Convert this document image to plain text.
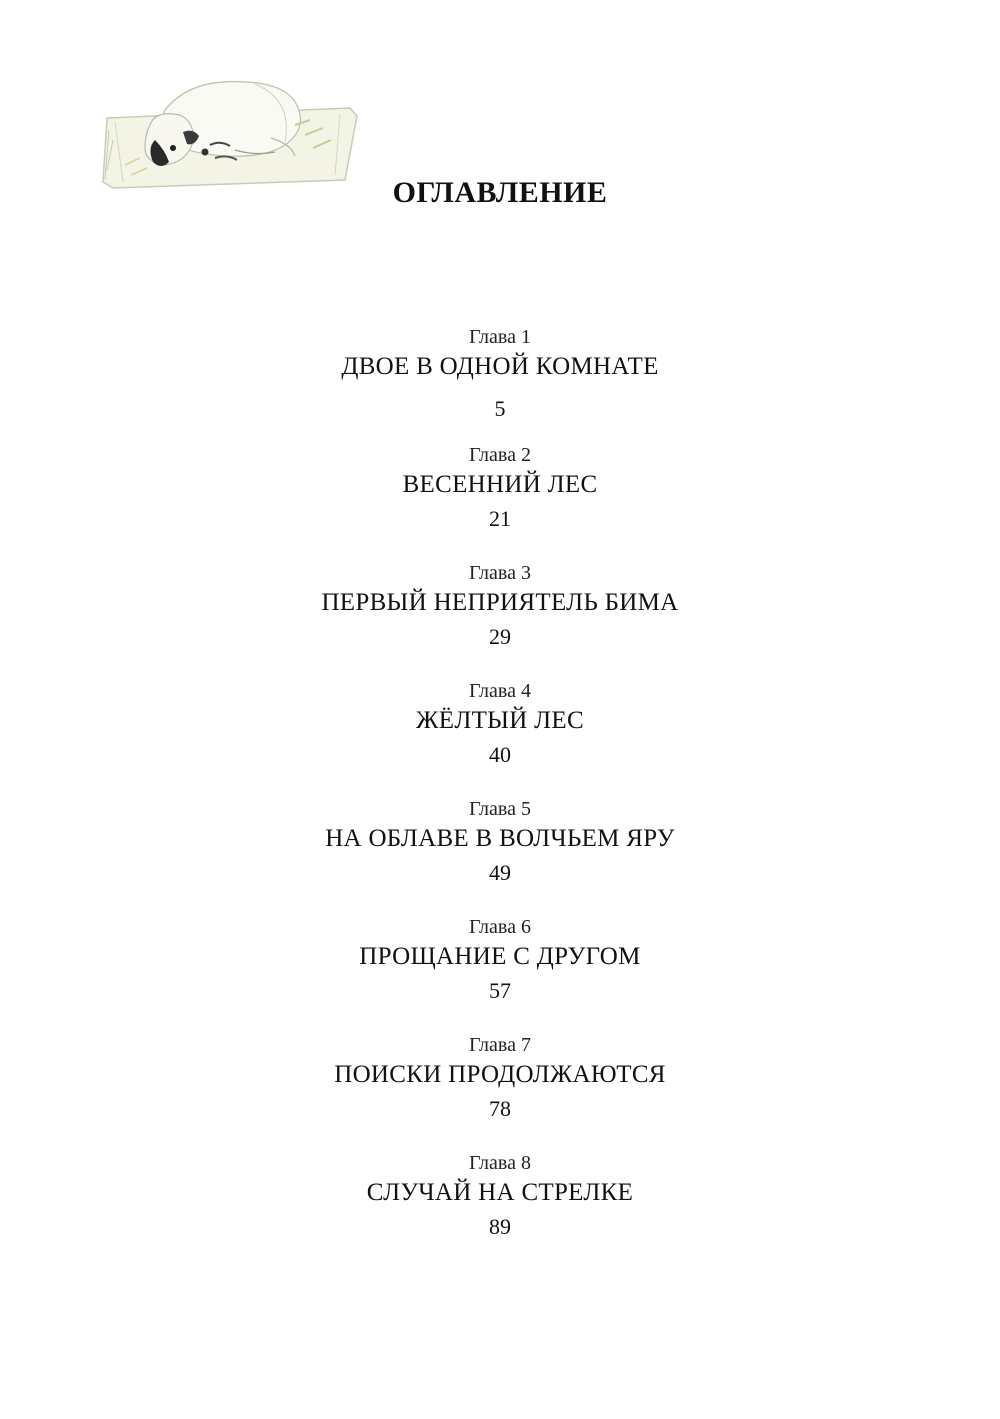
ОГЛАВЛЕНИЕ
Глава 1
ДВОЕ В ОДНОЙ КОМНАТЕ
5
Глава 2
ВЕСЕННИЙ ЛЕС
21
Глава 3
ПЕРВЫЙ НЕПРИЯТЕЛЬ БИМА
29
Глава 4
ЖЁЛТЫЙ ЛЕС
40
Глава 5
НА ОБЛАВЕ В ВОЛЧЬЕМ ЯРУ
49
Глава 6
ПРОЩАНИЕ С ДРУГОМ
57
Глава 7
ПОИСКИ ПРОДОЛЖАЮТСЯ
78
Глава 8
СЛУЧАЙ НА СТРЕЛКЕ
89
